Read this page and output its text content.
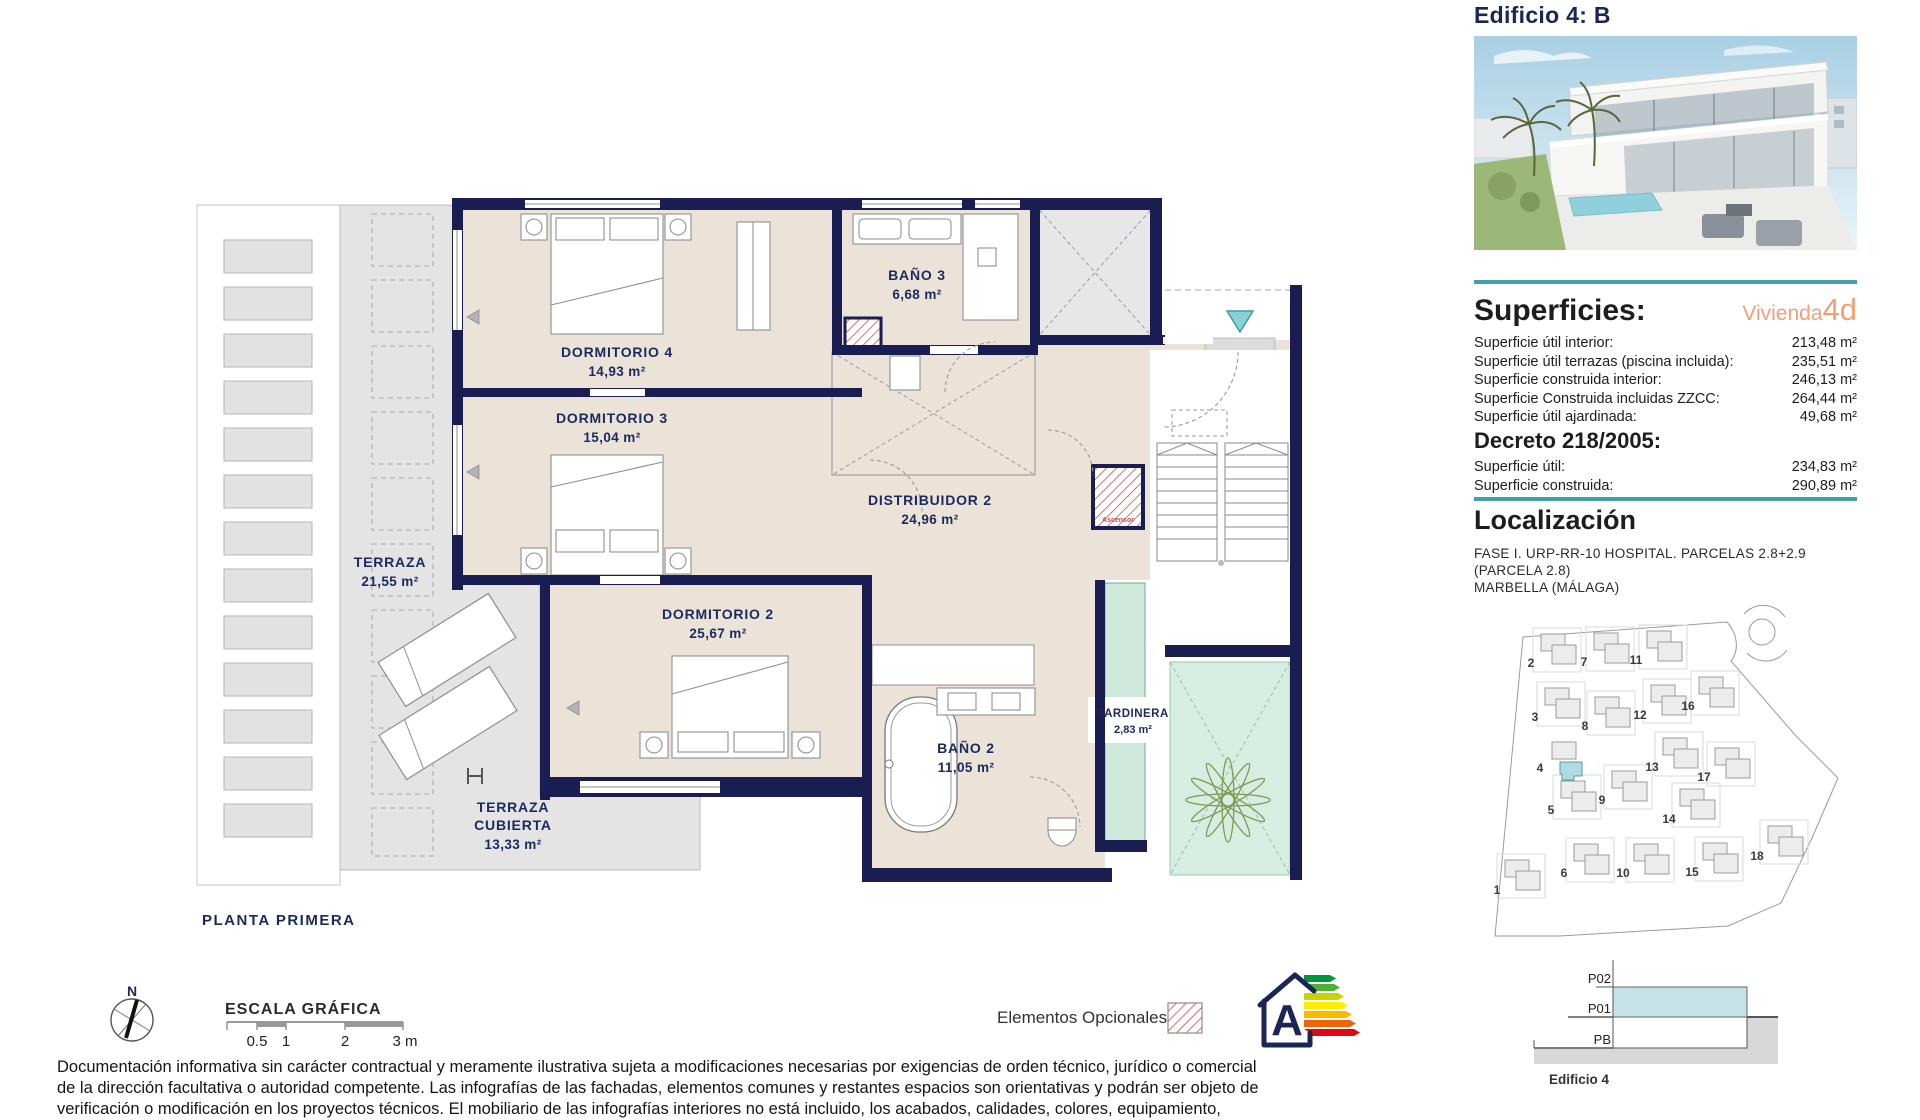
Ascensor
DORMITORIO 4
14,93 m²
DORMITORIO 3
15,04 m²
BAÑO 3
6,68 m²
DISTRIBUIDOR 2
24,96 m²
DORMITORIO 2
25,67 m²
BAÑO 2
11,05 m²
TERRAZA
21,55 m²
TERRAZA
CUBIERTA
13,33 m²
JARDINERA
2,83 m²
PLANTA PRIMERA
N
ESCALA GRÁFICA
0.5 1	2	3 m
Elementos Opcionales A
Documentación informativa sin carácter contractual y meramente ilustrativa sujeta a modificaciones necesarias por exigencias de orden técnico, jurídico o comercial
de la dirección facultativa o autoridad competente. Las infografías de las fachadas, elementos comunes y restantes espacios son orientativas y podrán ser objeto de
verificación o modificación en los proyectos técnicos. El mobiliario de las infografías interiores no está incluido, los acabados, calidades, colores, equipamiento,
Edificio 4: B
Superficies:	Vivienda4d
Superficie útil interior:	213,48 m²
Superficie útil terrazas (piscina incluida):	235,51 m²
Superficie construida interior:	246,13 m²
Superficie Construida incluidas ZZCC:	264,44 m²
Superficie útil ajardinada:	49,68 m²
Decreto 218/2005:
Superficie útil:	234,83 m²
Superficie construida:	290,89 m²
Localización
FASE I. URP-RR-10 HOSPITAL. PARCELAS 2.8+2.9
(PARCELA 2.8)
MARBELLA (MÁLAGA)
1
2
3
4
5
6
7
8
9
10
11
12
13
14
15
16
17
18
P02
P01
PB
Edificio 4
